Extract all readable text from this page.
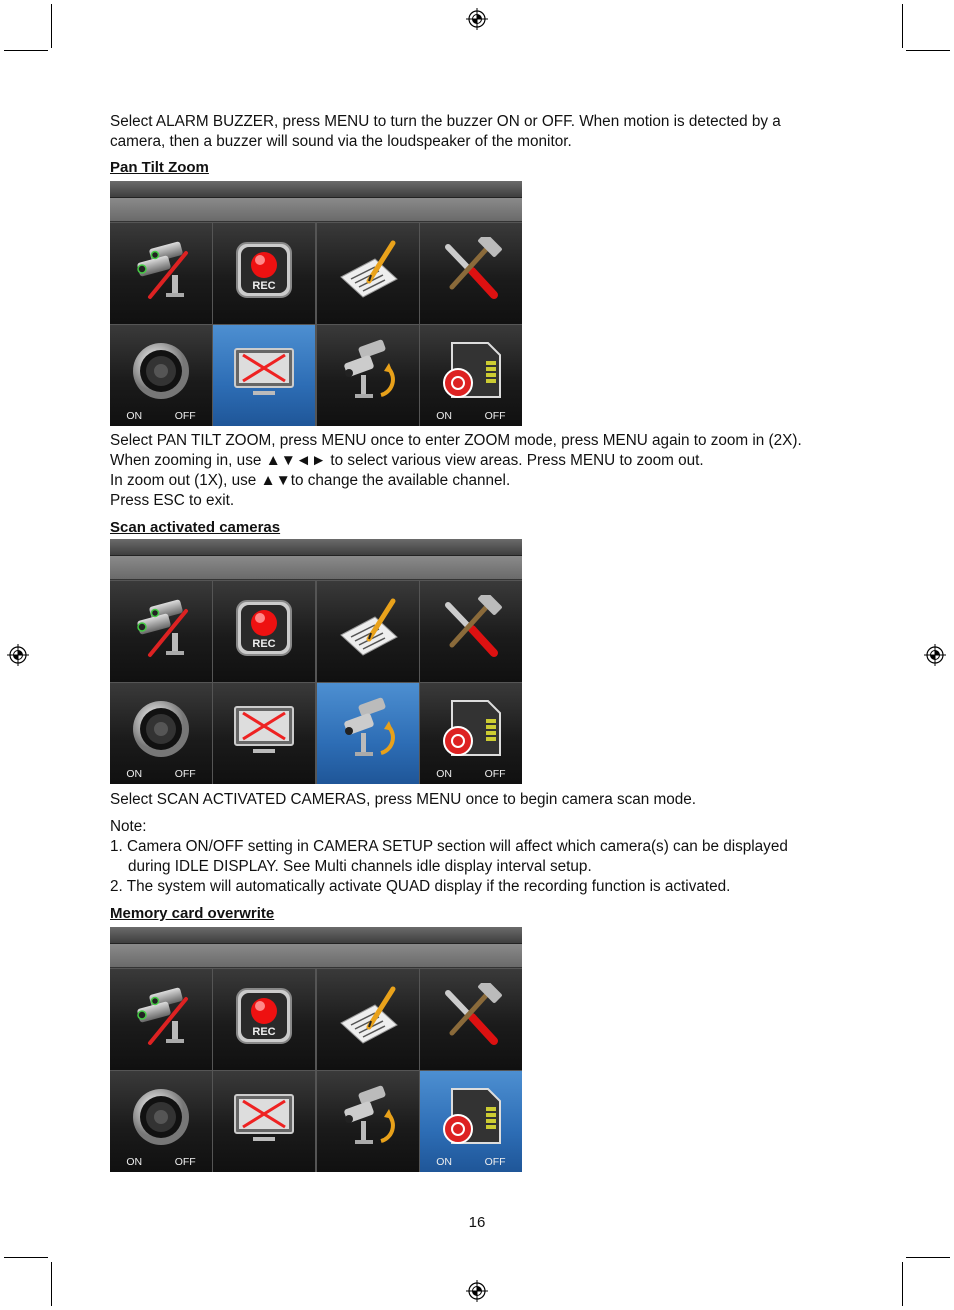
Select ALARM BUZZER, press MENU to turn the buzzer ON or OFF. When motion is detected by a

camera, then a buzzer will sound via the loudspeaker of the monitor.

Pan Tilt Zoom

REC
ON	OFF	ON	OFF

Select PAN TILT ZOOM, press MENU once to enter ZOOM mode, press MENU again to zoom in (2X).

When zooming in, use ▲▼◄► to select various view areas. Press MENU to zoom out.

In zoom out (1X), use ▲▼to change the available channel.

Press ESC to exit.

Scan activated cameras

REC
ON	OFF	ON	OFF

Select SCAN ACTIVATED CAMERAS, press MENU once to begin camera scan mode.

Note:

1. Camera ON/OFF setting in CAMERA SETUP section will affect which camera(s) can be displayed

during IDLE DISPLAY. See Multi channels idle display interval setup.

2. The system will automatically activate QUAD display if the recording function is activated.

Memory card overwrite

REC
ON	OFF	ON	OFF
16
